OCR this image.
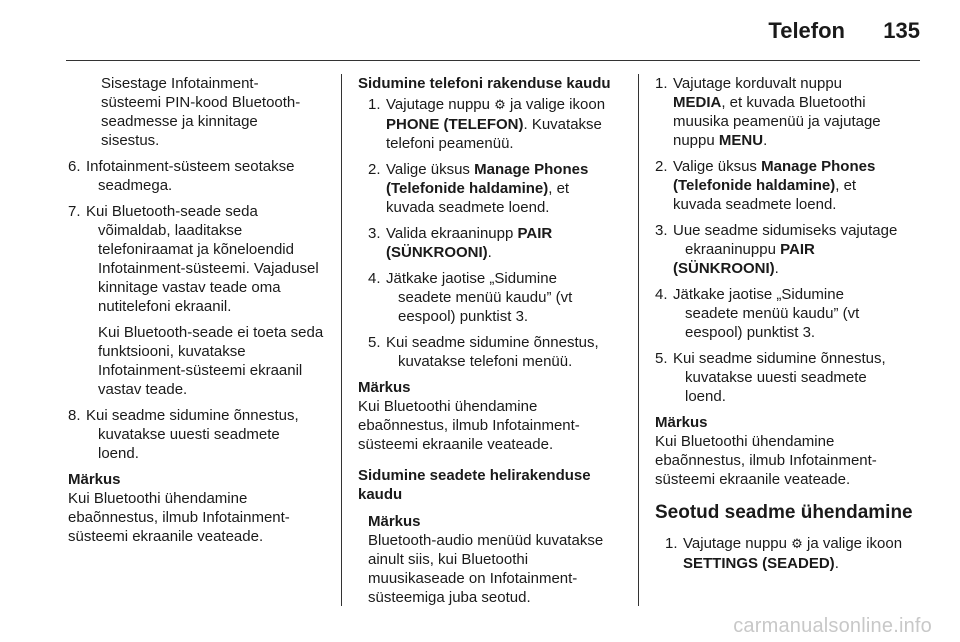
Telefon 135
Sisestage Infotainment-
süsteemi PIN-kood Bluetooth-
seadmesse ja kinnitage
sisestus.
6. Infotainment-süsteem seotakse
seadmega.
7. Kui Bluetooth-seade seda
võimaldab, laaditakse
telefoniraamat ja kõneloendid
Infotainment-süsteemi. Vajadusel
kinnitage vastav teade oma
nutitelefoni ekraanil.
Kui Bluetooth-seade ei toeta seda
funktsiooni, kuvatakse
Infotainment-süsteemi ekraanil
vastav teade.
8. Kui seadme sidumine õnnestus,
kuvatakse uuesti seadmete
loend.
Märkus
Kui Bluetoothi ühendamine
ebaõnnestus, ilmub Infotainment-
süsteemi ekraanile veateade.
Sidumine telefoni rakenduse kaudu
1. Vajutage nuppu ⚙ ja valige ikoon
PHONE (TELEFON). Kuvatakse
telefoni peamenüü.
2. Valige üksus Manage Phones
(Telefonide haldamine), et
kuvada seadmete loend.
3. Valida ekraaninupp PAIR
(SÜNKROONI).
4. Jätkake jaotise „Sidumine
seadete menüü kaudu” (vt
eespool) punktist 3.
5. Kui seadme sidumine õnnestus,
kuvatakse telefoni menüü.
Märkus
Kui Bluetoothi ühendamine
ebaõnnestus, ilmub Infotainment-
süsteemi ekraanile veateade.
Sidumine seadete helirakenduse
kaudu
Märkus
Bluetooth-audio menüüd kuvatakse
ainult siis, kui Bluetoothi
muusikaseade on Infotainment-
süsteemiga juba seotud.
1. Vajutage korduvalt nuppu
MEDIA, et kuvada Bluetoothi
muusika peamenüü ja vajutage
nuppu MENU.
2. Valige üksus Manage Phones
(Telefonide haldamine), et
kuvada seadmete loend.
3. Uue seadme sidumiseks vajutage
ekraaninuppu PAIR
(SÜNKROONI).
4. Jätkake jaotise „Sidumine
seadete menüü kaudu” (vt
eespool) punktist 3.
5. Kui seadme sidumine õnnestus,
kuvatakse uuesti seadmete
loend.
Märkus
Kui Bluetoothi ühendamine
ebaõnnestus, ilmub Infotainment-
süsteemi ekraanile veateade.
Seotud seadme ühendamine
1. Vajutage nuppu ⚙ ja valige ikoon
SETTINGS (SEADED).
carmanualsonline.info
